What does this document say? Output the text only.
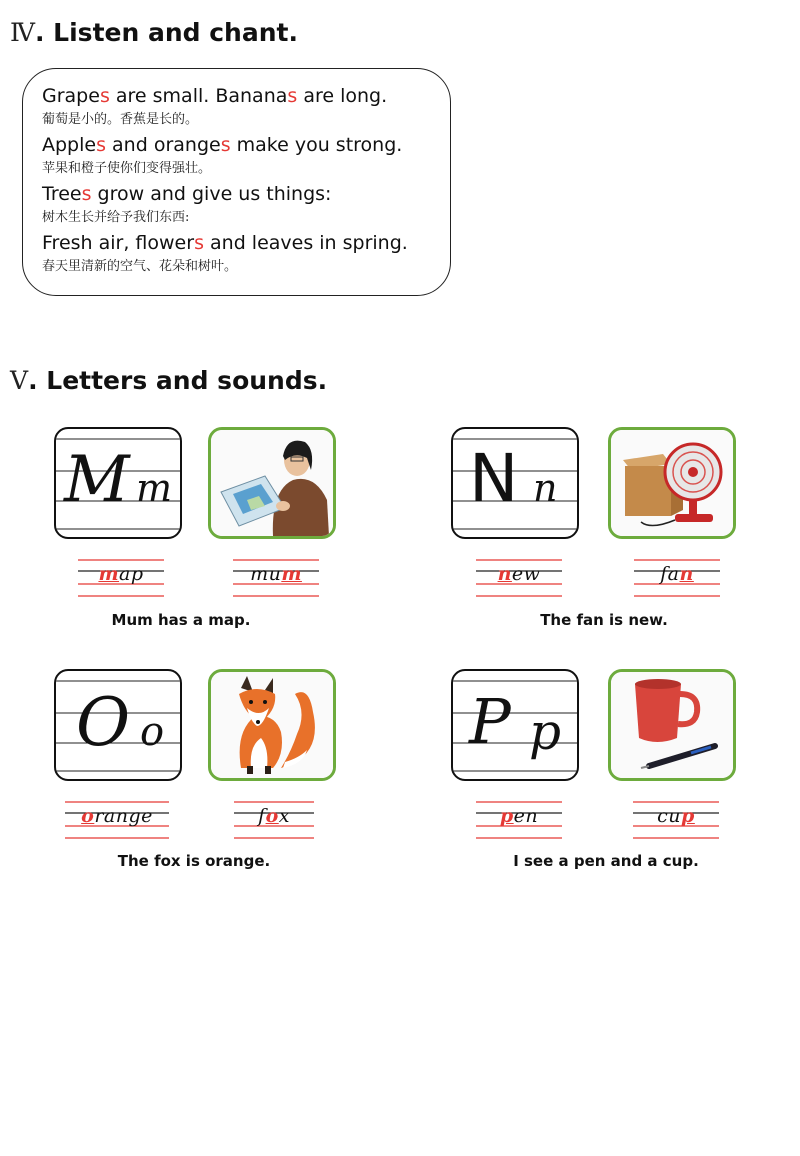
Ⅳ. Listen and chant.
Grapes are small. Bananas are long.
葡萄是小的。香蕉是长的。
Apples and oranges make you strong.
苹果和橙子使你们变得强壮。
Trees grow and give us things:
树木生长并给予我们东西:
Fresh air, flowers and leaves in spring.
春天里清新的空气、花朵和树叶。
Ⅴ. Letters and sounds.
M m
map	mum
Mum has a map.
N n
new	fan
The fan is new.
O o
orange	fox
The fox is orange.
P p
pen	cup
I see a pen and a cup.
